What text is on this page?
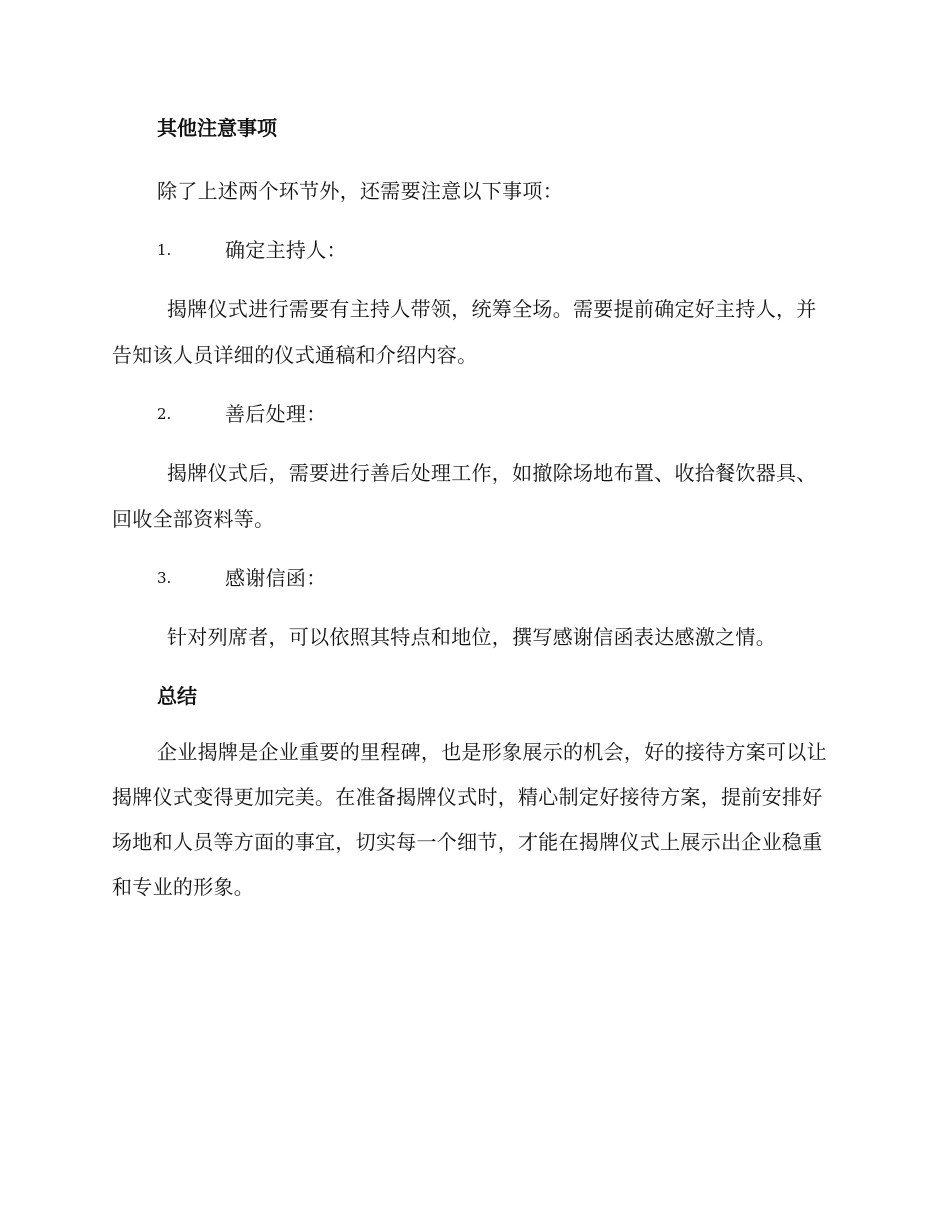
其他注意事项

除了上述两个环节外，还需要注意以下事项：

1.	确定主持人：

揭牌仪式进行需要有主持人带领，统筹全场。需要提前确定好主持人，并告知该人员详细的仪式通稿和介绍内容。

2.	善后处理：

揭牌仪式后，需要进行善后处理工作，如撤除场地布置、收拾餐饮器具、回收全部资料等。

3.	感谢信函：

针对列席者，可以依照其特点和地位，撰写感谢信函表达感激之情。

总结

企业揭牌是企业重要的里程碑，也是形象展示的机会，好的接待方案可以让揭牌仪式变得更加完美。在准备揭牌仪式时，精心制定好接待方案，提前安排好场地和人员等方面的事宜，切实每一个细节，才能在揭牌仪式上展示出企业稳重和专业的形象。
